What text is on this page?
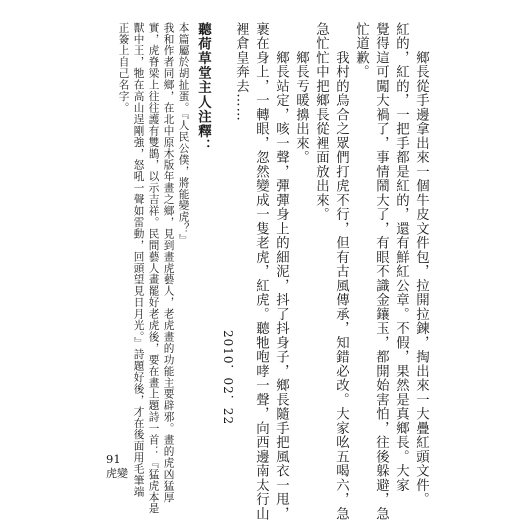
　　鄉長從手邊拿出來一個牛皮文件包，拉開拉鍊，掏出來一大疊紅頭文件。
紅的，紅的，一把手都是紅的，還有鮮紅公章。不假，果然是真鄉長。大家
覺得這可闖大禍了，事情鬧大了，有眼不識金鑲玉，都開始害怕，往後躲避，急
忙道歉。
　　我村的烏合之眾們打虎不行，但有古風傳承，知錯必改。大家吆五喝六，急
急忙忙中把鄉長從裡面放出來。
　　鄉長亐暖擤出來。
　　鄉長站定，咳一聲，彈彈身上的細泥，抖了抖身子，鄉長隨手把風衣一甩，
裹在身上，一轉眼，忽然變成一隻老虎，紅虎。聽牠咆哮一聲，向西邊南太行山
裡倉皇奔去……
2010．02．22
聽荷草堂主人注釋：
本篇屬於胡扯蛋。『人民公僕，將能變虎？』
我和作者同鄉，在北中原木版年畫之鄉，見到畫虎藝人，老虎畫的功能主要辟邪。畫的虎凶猛厚
實，虎脊梁上往往護有雙鵲，以示吉祥。民間藝人畫罷好老虎後，要在畫上題詩一首：『猛虎本是
獸中王，牠在高山逞剛強，怒吼一聲如雷動，回頭望見日月光。』詩題好後，才在後面用毛筆端
正簽上自己名字。
91
虎變
